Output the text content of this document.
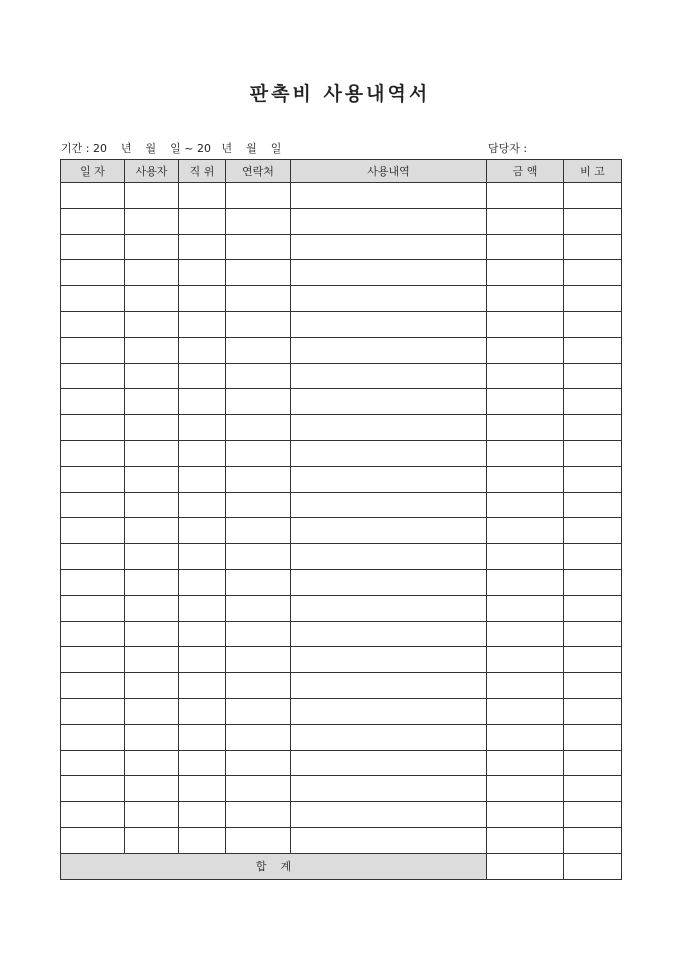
판촉비 사용내역서
기간 : 20    년    월    일 ~ 20   년    월    일	담당자 :
일 자	사용자	직 위	연락처	사용내역	금 액	비 고

합    계						
